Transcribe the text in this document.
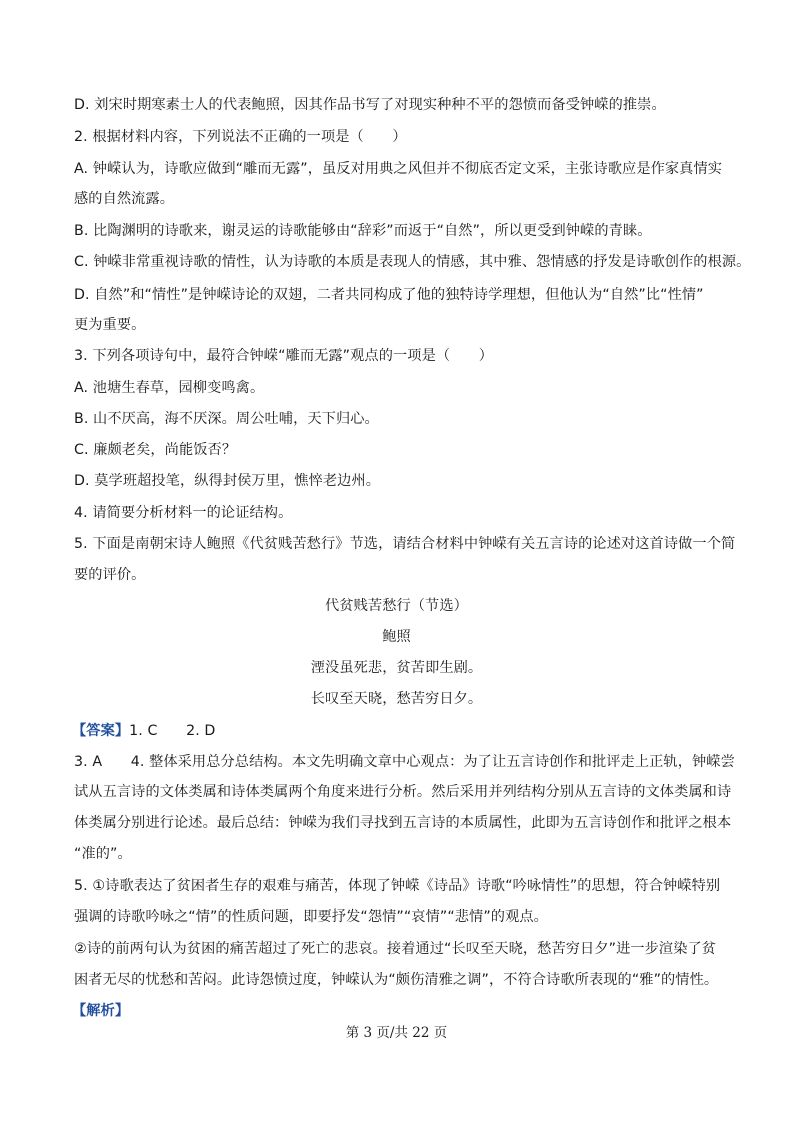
D. 刘宋时期寒素士人的代表鲍照，因其作品书写了对现实种种不平的怨愤而备受钟嵘的推崇。
2. 根据材料内容，下列说法不正确的一项是（　　）
A. 钟嵘认为，诗歌应做到“雕而无露”，虽反对用典之风但并不彻底否定文采，主张诗歌应是作家真情实
感的自然流露。
B. 比陶渊明的诗歌来，谢灵运的诗歌能够由“辞彩”而返于“自然”，所以更受到钟嵘的青睐。
C. 钟嵘非常重视诗歌的情性，认为诗歌的本质是表现人的情感，其中雅、怨情感的抒发是诗歌创作的根源。
D. 自然”和“情性”是钟嵘诗论的双翅，二者共同构成了他的独特诗学理想，但他认为“自然”比“性情”
更为重要。
3. 下列各项诗句中，最符合钟嵘“雕而无露”观点的一项是（　　）
A. 池塘生春草，园柳变鸣禽。
B. 山不厌高，海不厌深。周公吐哺，天下归心。
C. 廉颇老矣，尚能饭否？
D. 莫学班超投笔，纵得封侯万里，憔悴老边州。
4. 请简要分析材料一的论证结构。
5. 下面是南朝宋诗人鲍照《代贫贱苦愁行》节选，请结合材料中钟嵘有关五言诗的论述对这首诗做一个简
要的评价。
代贫贱苦愁行（节选）
鲍照
湮没虽死悲，贫苦即生剧。
长叹至天晓，愁苦穷日夕。
【答案】1. C　　2. D
3. A　　4. 整体采用总分总结构。本文先明确文章中心观点：为了让五言诗创作和批评走上正轨，钟嵘尝
试从五言诗的文体类属和诗体类属两个角度来进行分析。然后采用并列结构分别从五言诗的文体类属和诗
体类属分别进行论述。最后总结：钟嵘为我们寻找到五言诗的本质属性，此即为五言诗创作和批评之根本
“准的”。
5. ①诗歌表达了贫困者生存的艰难与痛苦，体现了钟嵘《诗品》诗歌“吟咏情性”的思想，符合钟嵘特别
强调的诗歌吟咏之“情”的性质问题，即要抒发“怨情”“哀情”“悲情”的观点。
②诗的前两句认为贫困的痛苦超过了死亡的悲哀。接着通过“长叹至天晓，愁苦穷日夕”进一步渲染了贫
困者无尽的忧愁和苦闷。此诗怨愤过度，钟嵘认为“颇伤清雅之调”，不符合诗歌所表现的“雅”的情性。
【解析】
第 3 页/共 22 页
